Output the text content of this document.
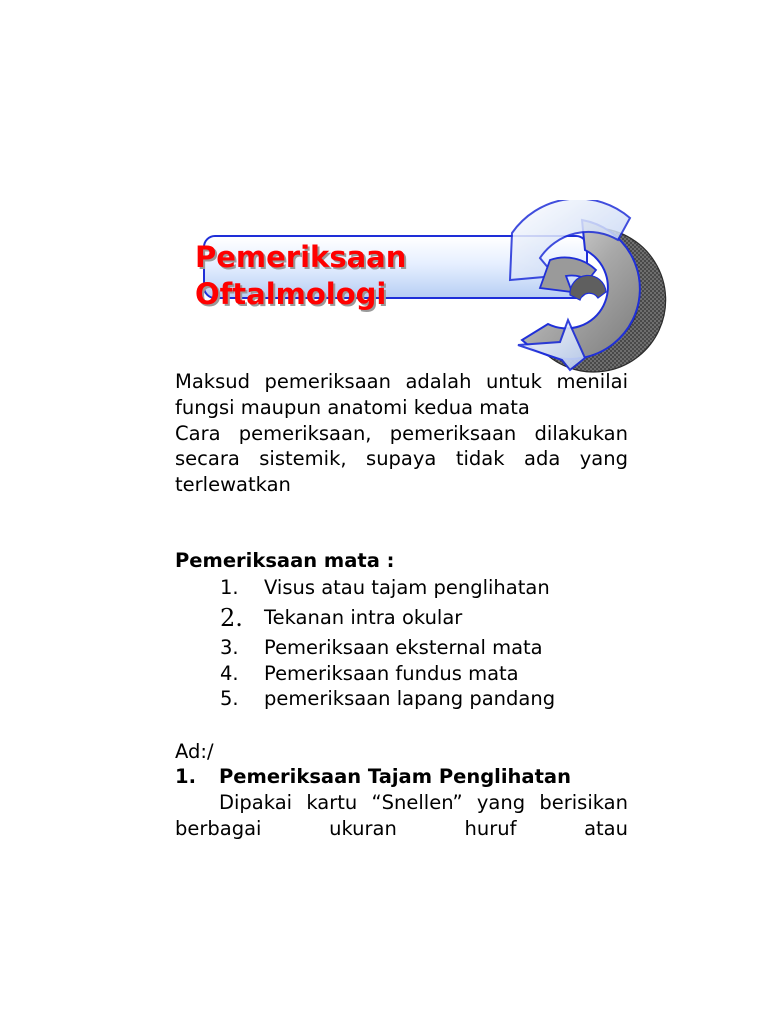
Pemeriksaan
Oftalmologi

Maksud pemeriksaan adalah untuk menilai fungsi maupun anatomi kedua mata

Cara pemeriksaan, pemeriksaan dilakukan secara sistemik, supaya tidak ada yang terlewatkan

Pemeriksaan mata :

1.	Visus atau tajam penglihatan
2.	Tekanan intra okular
3.	Pemeriksaan eksternal mata
4.	Pemeriksaan fundus mata
5.	pemeriksaan lapang pandang

Ad:/

1. Pemeriksaan Tajam Penglihatan

Dipakai kartu “Snellen” yang berisikan berbagai ukuran huruf atau
